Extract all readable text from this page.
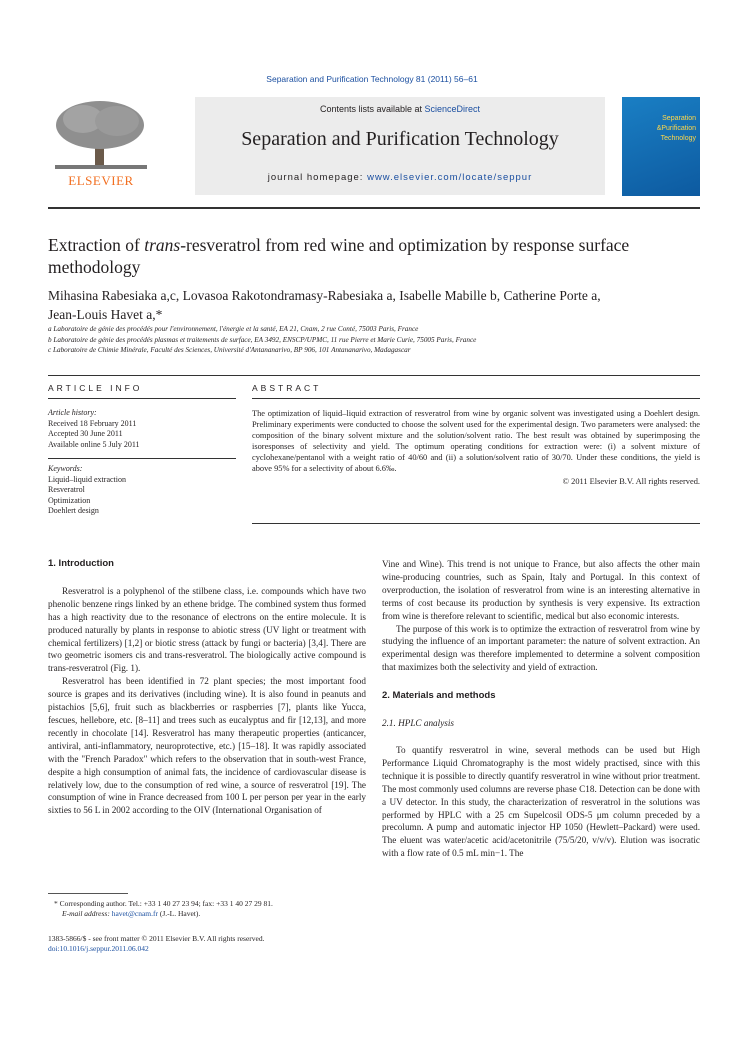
Separation and Purification Technology 81 (2011) 56–61
ELSEVIER
Contents lists available at ScienceDirect
Separation and Purification Technology
journal homepage: www.elsevier.com/locate/seppur
Separation
&Purification
Technology
Extraction of trans-resveratrol from red wine and optimization by response surface methodology
Mihasina Rabesiaka a,c, Lovasoa Rakotondramasy-Rabesiaka a, Isabelle Mabille b, Catherine Porte a,
Jean-Louis Havet a,*
a Laboratoire de génie des procédés pour l'environnement, l'énergie et la santé, EA 21, Cnam, 2 rue Conté, 75003 Paris, France
b Laboratoire de génie des procédés plasmas et traitements de surface, EA 3492, ENSCP/UPMC, 11 rue Pierre et Marie Curie, 75005 Paris, France
c Laboratoire de Chimie Minérale, Faculté des Sciences, Université d'Antananarivo, BP 906, 101 Antananarivo, Madagascar
ARTICLE INFO	ABSTRACT
Article history:
Received 18 February 2011
Accepted 30 June 2011
Available online 5 July 2011
Keywords:
Liquid–liquid extraction
Resveratrol
Optimization
Doehlert design
The optimization of liquid–liquid extraction of resveratrol from wine by organic solvent was investigated using a Doehlert design. Preliminary experiments were conducted to choose the solvent used for the experimental design. Two parameters were analysed: the composition of the binary solvent mixture and the solution/solvent ratio. The best result was obtained by superimposing the isoresponses of selectivity and yield. The optimum operating conditions for extraction were: (i) a solvent mixture of cyclohexane/pentanol with a weight ratio of 40/60 and (ii) a solution/solvent ratio of 30/70. Under these conditions, the yield is above 95% for a selectivity of about 6.6‰.
© 2011 Elsevier B.V. All rights reserved.
1. Introduction

Resveratrol is a polyphenol of the stilbene class, i.e. compounds which have two phenolic benzene rings linked by an ethene bridge. The combined system thus formed has a high reactivity due to the resonance of electrons on the entire molecule. It is produced naturally by plants in response to abiotic stress (UV light or treatment with chemical fertilizers) [1,2] or biotic stress (attack by fungi or bacteria) [3,4]. There are two geometric isomers cis and trans-resveratrol. The biologically active compound is trans-resveratrol (Fig. 1).

Resveratrol has been identified in 72 plant species; the most important food source is grapes and its derivatives (including wine). It is also found in peanuts and pistachios [5,6], fruit such as blackberries or raspberries [7], plants like Yucca, fescues, hellebore, etc. [8–11] and trees such as eucalyptus and fir [12,13], and more recently in chocolate [14]. Resveratrol has many therapeutic properties (anticancer, antiviral, anti-inflammatory, neuroprotective, etc.) [15–18]. It was rapidly associated with the "French Paradox" which refers to the observation that in south-west France, despite a high consumption of animal fats, the incidence of cardiovascular disease is relatively low, due to the consumption of red wine, a source of resveratrol [19]. The consumption of wine in France decreased from 100 L per person per year in the early sixties to 56 L in 2002 according to the OIV (International Organisation of

* Corresponding author. Tel.: +33 1 40 27 23 94; fax: +33 1 40 27 29 81.
E-mail address: havet@cnam.fr (J.-L. Havet).
1383-5866/$ - see front matter © 2011 Elsevier B.V. All rights reserved.
doi:10.1016/j.seppur.2011.06.042

Vine and Wine). This trend is not unique to France, but also affects the other main wine-producing countries, such as Spain, Italy and Portugal. In this context of overproduction, the isolation of resveratrol from wine is an interesting alternative in terms of cost because its production by synthesis is very expensive. Its extraction from wine is therefore relevant to scientific, medical but also economic interests.

The purpose of this work is to optimize the extraction of resveratrol from wine by studying the influence of an important parameter: the nature of solvent extraction. An experimental design was therefore implemented to determine a solvent composition that maximizes both the selectivity and yield of extraction.

2. Materials and methods
2.1. HPLC analysis

To quantify resveratrol in wine, several methods can be used but High Performance Liquid Chromatography is the most widely practised, since with this technique it is possible to directly quantify resveratrol in wine without prior treatment. The most commonly used columns are reverse phase C18. Detection can be done with a UV detector. In this study, the characterization of resveratrol in the solutions was performed by HPLC with a 25 cm Supelcosil ODS-5 μm column preceded by a precolumn. A pump and automatic injector HP 1050 (Hewlett–Packard) were used. The eluent was water/acetic acid/acetonitrile (75/5/20, v/v/v). Elution was isocratic with a flow rate of 0.5 mL min−1. The
